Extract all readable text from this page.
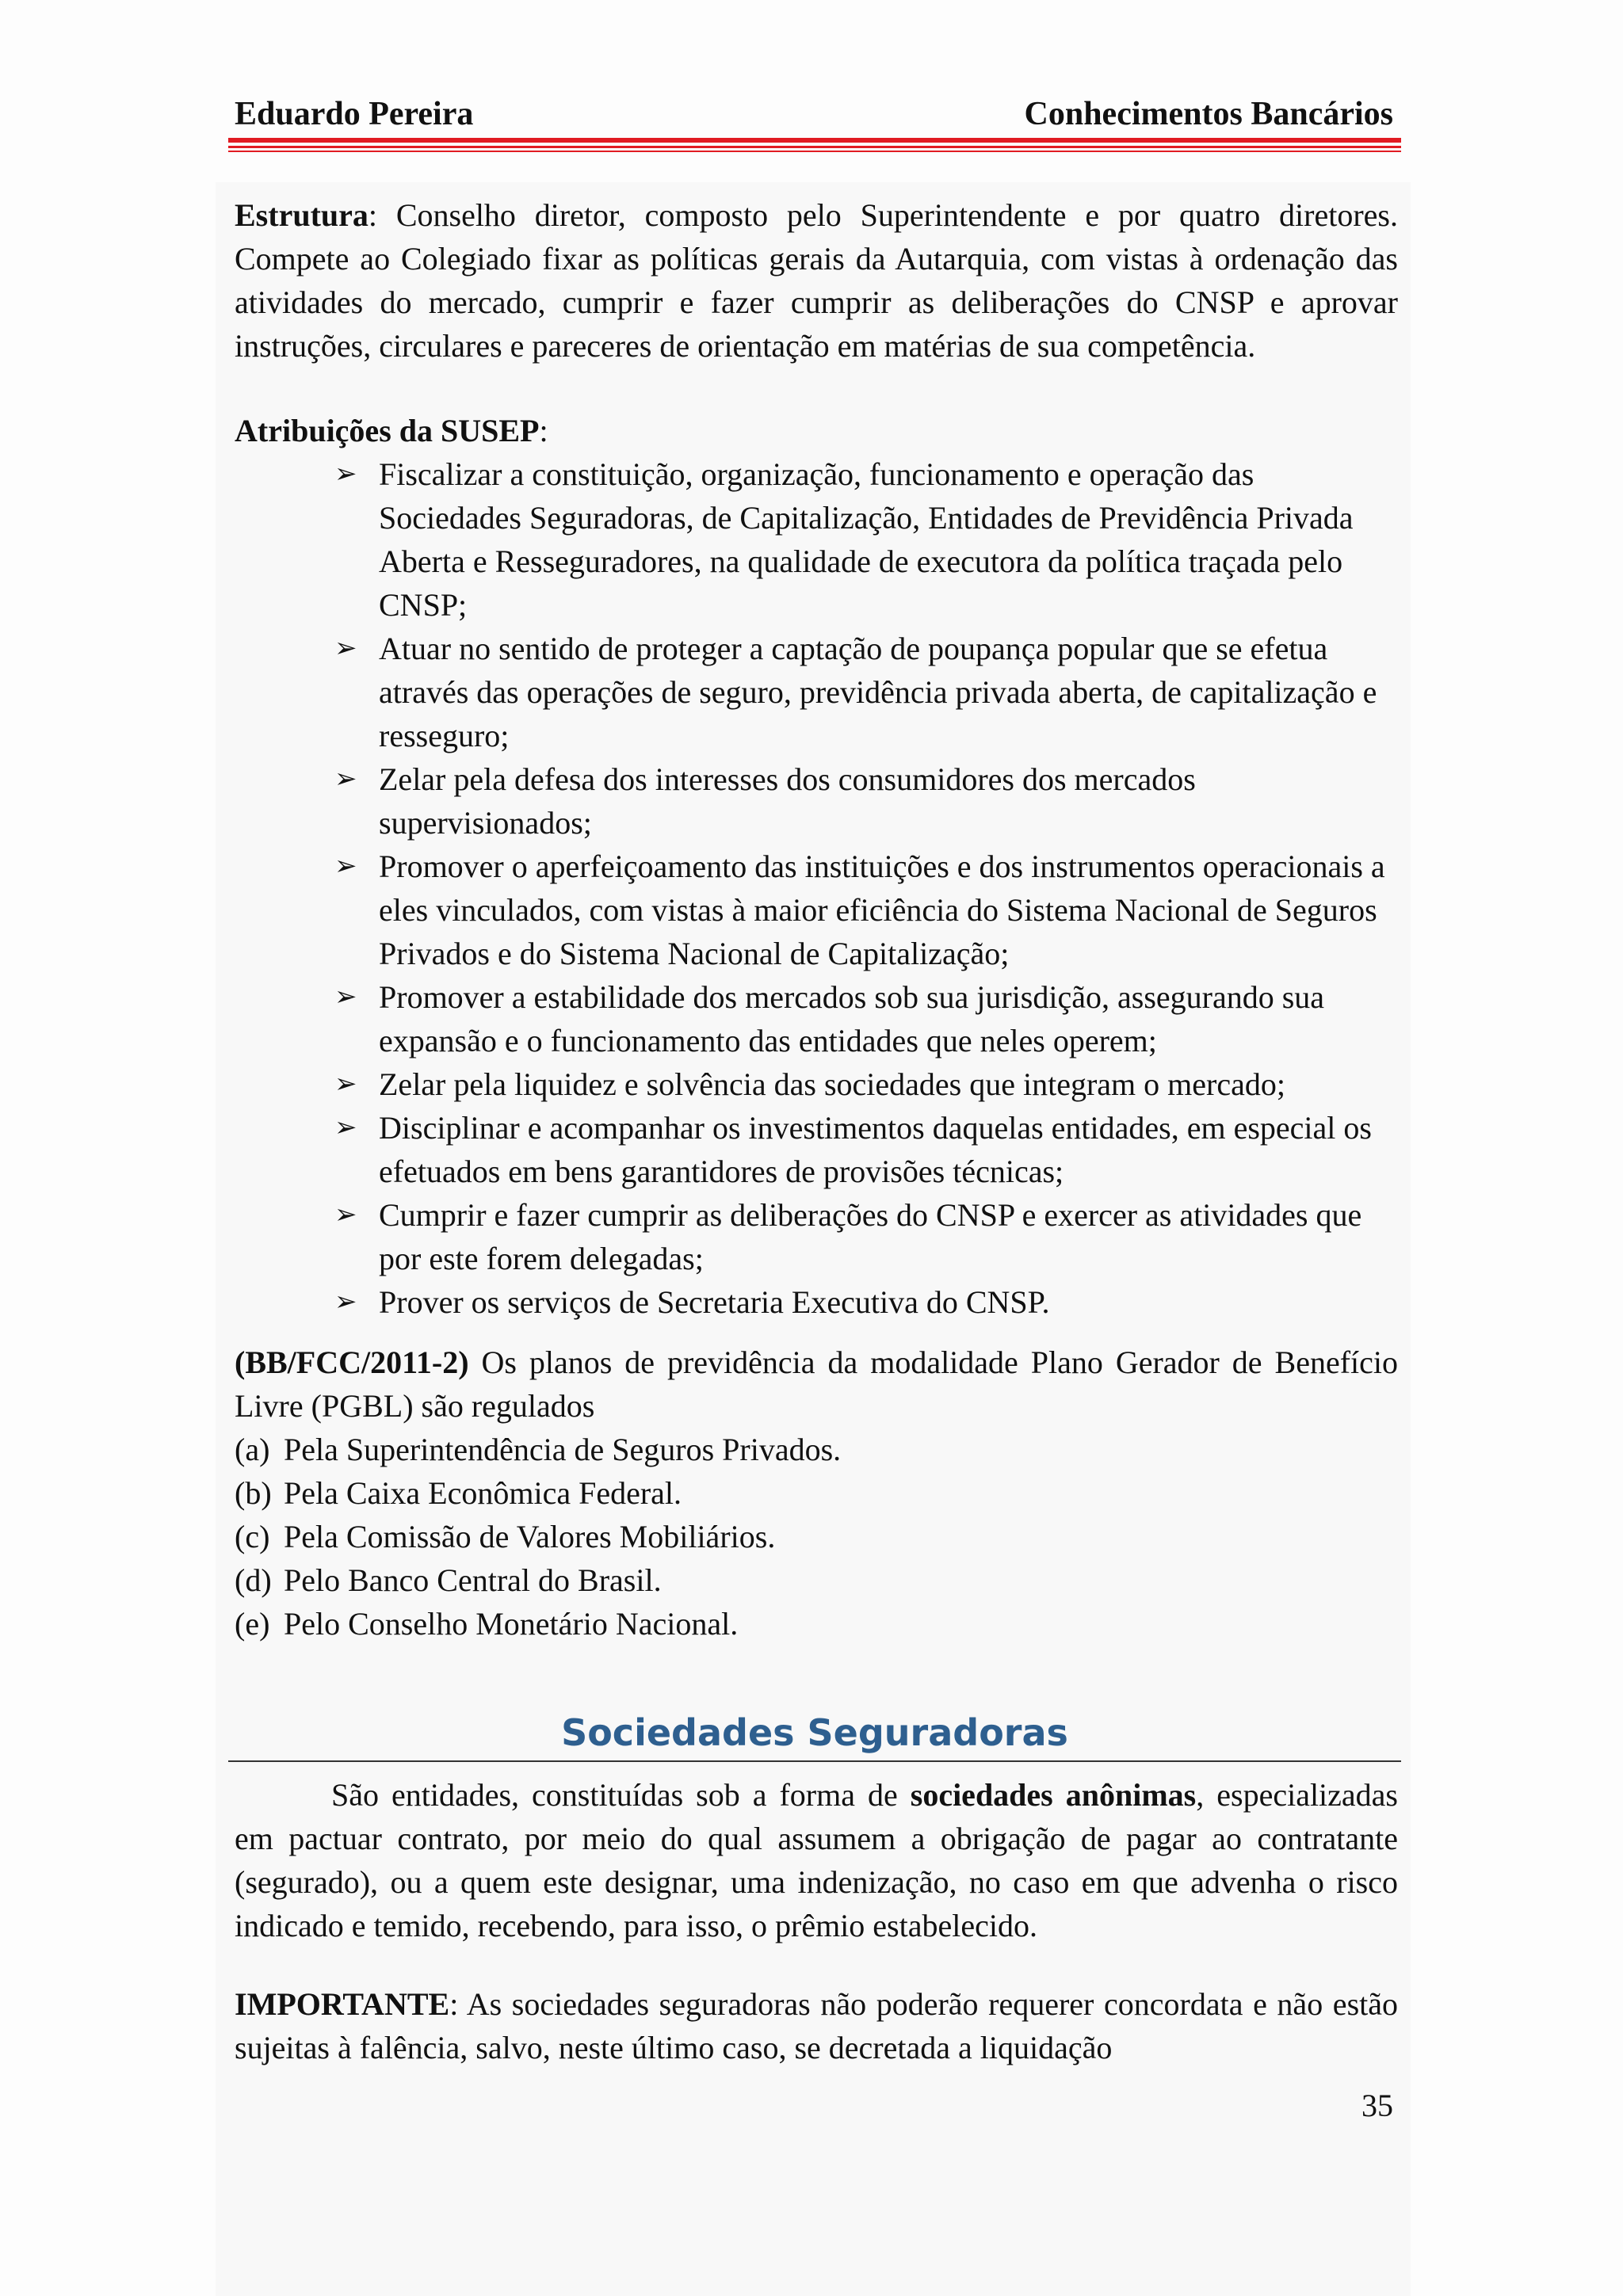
Eduardo Pereira	Conhecimentos Bancários

Estrutura: Conselho diretor, composto pelo Superintendente e por quatro diretores. Compete ao Colegiado fixar as políticas gerais da Autarquia, com vistas à ordenação das atividades do mercado, cumprir e fazer cumprir as deliberações do CNSP e aprovar instruções, circulares e pareceres de orientação em matérias de sua competência.

Atribuições da SUSEP:
➢ Fiscalizar a constituição, organização, funcionamento e operação das Sociedades Seguradoras, de Capitalização, Entidades de Previdência Privada Aberta e Resseguradores, na qualidade de executora da política traçada pelo CNSP;
➢ Atuar no sentido de proteger a captação de poupança popular que se efetua através das operações de seguro, previdência privada aberta, de capitalização e resseguro;
➢ Zelar pela defesa dos interesses dos consumidores dos mercados supervisionados;
➢ Promover o aperfeiçoamento das instituições e dos instrumentos operacionais a eles vinculados, com vistas à maior eficiência do Sistema Nacional de Seguros Privados e do Sistema Nacional de Capitalização;
➢ Promover a estabilidade dos mercados sob sua jurisdição, assegurando sua expansão e o funcionamento das entidades que neles operem;
➢ Zelar pela liquidez e solvência das sociedades que integram o mercado;
➢ Disciplinar e acompanhar os investimentos daquelas entidades, em especial os efetuados em bens garantidores de provisões técnicas;
➢ Cumprir e fazer cumprir as deliberações do CNSP e exercer as atividades que por este forem delegadas;
➢ Prover os serviços de Secretaria Executiva do CNSP.

(BB/FCC/2011-2) Os planos de previdência da modalidade Plano Gerador de Benefício Livre (PGBL) são regulados

(a) Pela Superintendência de Seguros Privados.
(b) Pela Caixa Econômica Federal.
(c) Pela Comissão de Valores Mobiliários.
(d) Pelo Banco Central do Brasil.
(e) Pelo Conselho Monetário Nacional.
Sociedades Seguradoras

São entidades, constituídas sob a forma de sociedades anônimas, especializadas em pactuar contrato, por meio do qual assumem a obrigação de pagar ao contratante (segurado), ou a quem este designar, uma indenização, no caso em que advenha o risco indicado e temido, recebendo, para isso, o prêmio estabelecido.

IMPORTANTE: As sociedades seguradoras não poderão requerer concordata e não estão sujeitas à falência, salvo, neste último caso, se decretada a liquidação

35
